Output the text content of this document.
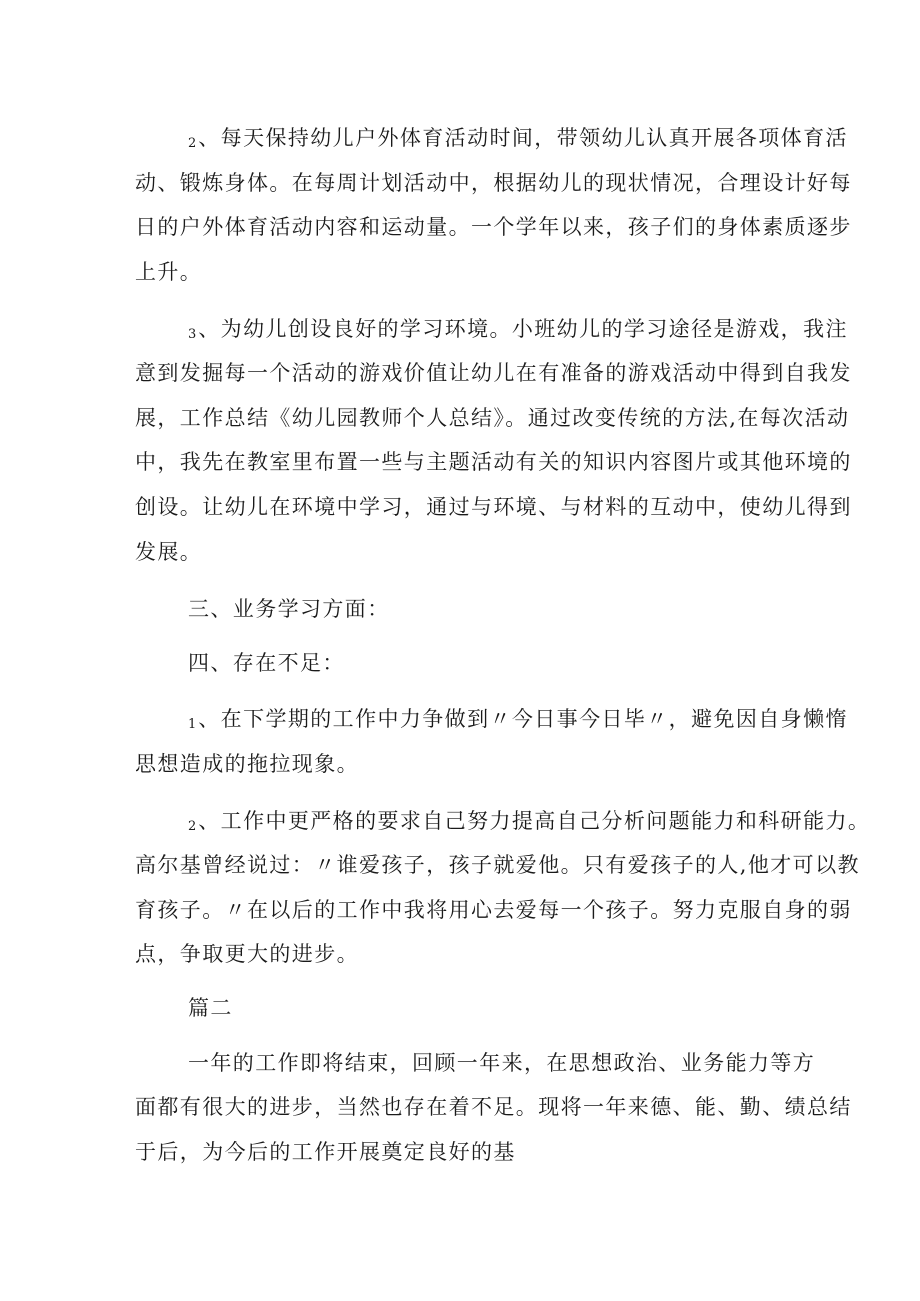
2、每天保持幼儿户外体育活动时间，带领幼儿认真开展各项体育活
动、锻炼身体。在每周计划活动中，根据幼儿的现状情况，合理设计好每
日的户外体育活动内容和运动量。一个学年以来，孩子们的身体素质逐步
上升。
3、为幼儿创设良好的学习环境。小班幼儿的学习途径是游戏，我注
意到发掘每一个活动的游戏价值让幼儿在有准备的游戏活动中得到自我发
展，工作总结《幼儿园教师个人总结》。通过改变传统的方法,在每次活动
中，我先在教室里布置一些与主题活动有关的知识内容图片或其他环境的
创设。让幼儿在环境中学习，通过与环境、与材料的互动中，使幼儿得到
发展。
三、业务学习方面：
四、存在不足：
1、在下学期的工作中力争做到〃今日事今日毕〃，避免因自身懒惰
思想造成的拖拉现象。
2、工作中更严格的要求自己努力提高自己分析问题能力和科研能力。
高尔基曾经说过：〃谁爱孩子，孩子就爱他。只有爱孩子的人,他才可以教
育孩子。〃在以后的工作中我将用心去爱每一个孩子。努力克服自身的弱
点，争取更大的进步。
篇二
一年的工作即将结束，回顾一年来，在思想政治、业务能力等方
面都有很大的进步，当然也存在着不足。现将一年来德、能、勤、绩总结
于后，为今后的工作开展奠定良好的基
